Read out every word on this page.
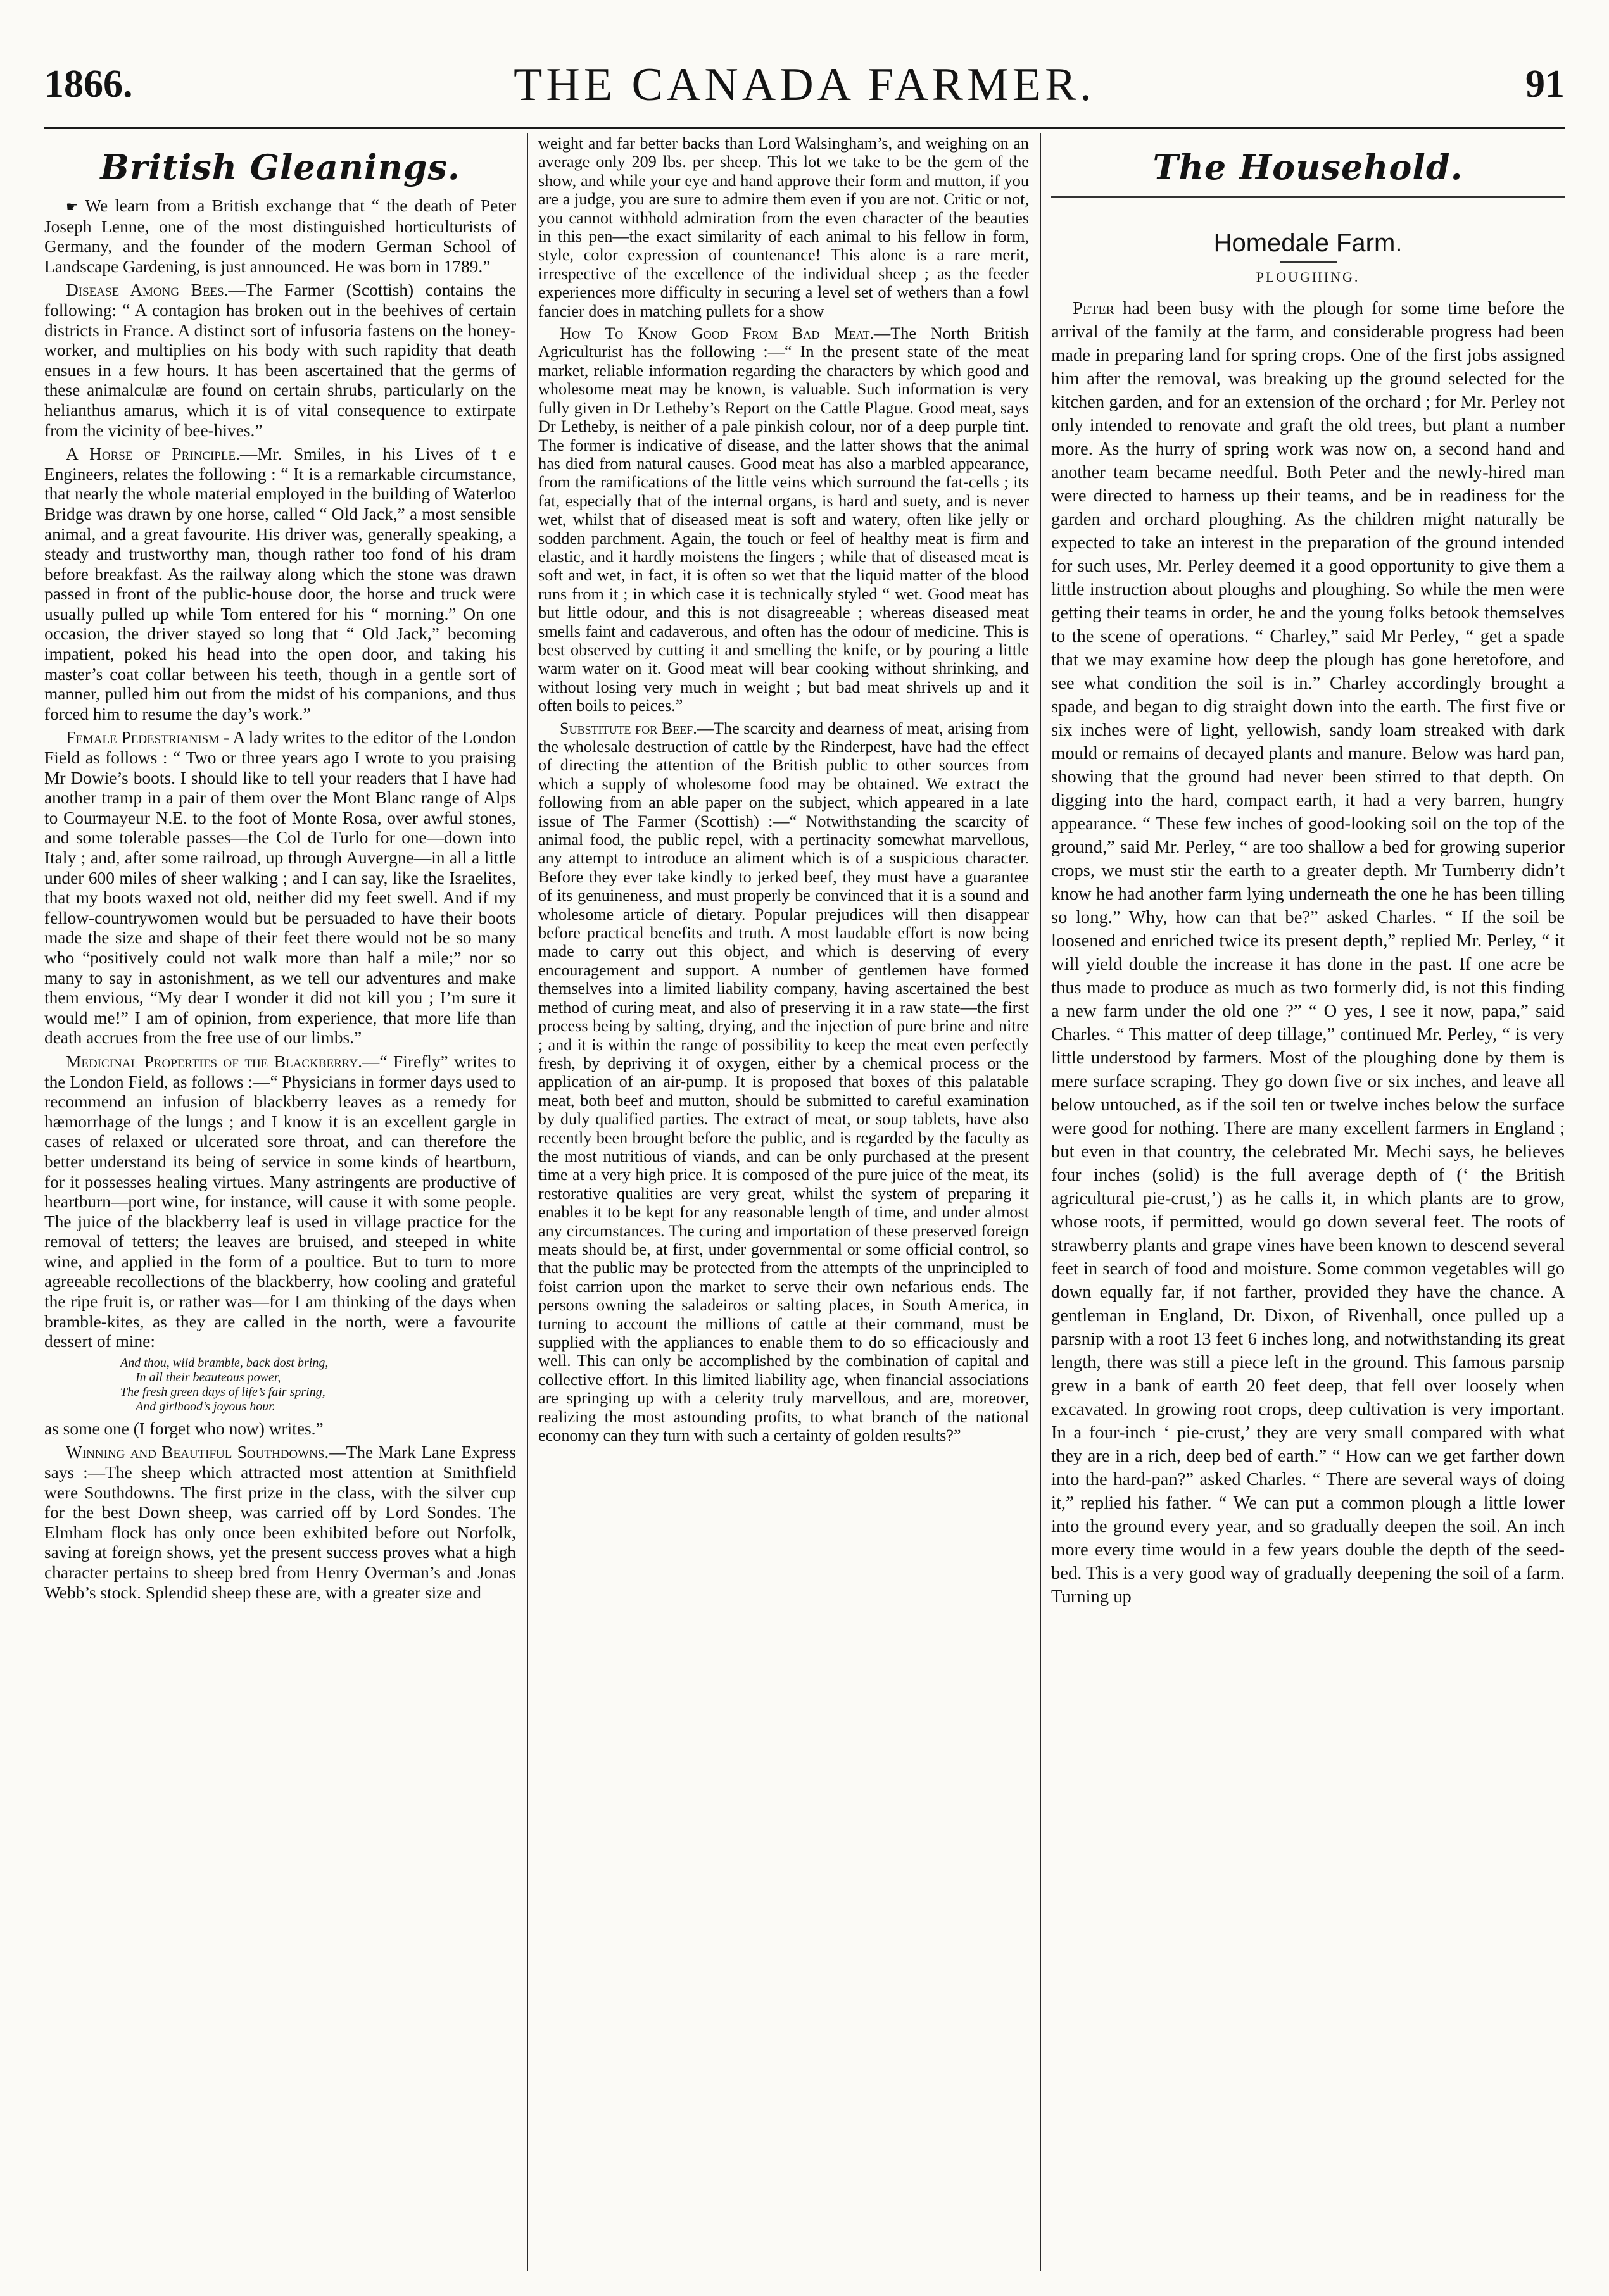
1866.	THE CANADA FARMER.	91
British Gleanings.

☛ We learn from a British exchange that “ the death of Peter Joseph Lenne, one of the most distinguished horticulturists of Germany, and the founder of the modern German School of Landscape Gardening, is just announced. He was born in 1789.”

Disease Among Bees.—The Farmer (Scottish) contains the following: “ A contagion has broken out in the beehives of certain districts in France. A distinct sort of infusoria fastens on the honey-worker, and multiplies on his body with such rapidity that death ensues in a few hours. It has been ascertained that the germs of these animalculæ are found on certain shrubs, particularly on the helianthus amarus, which it is of vital consequence to extirpate from the vicinity of bee-hives.”

A Horse of Principle.—Mr. Smiles, in his Lives of t e Engineers, relates the following : “ It is a remarkable circumstance, that nearly the whole material employed in the building of Waterloo Bridge was drawn by one horse, called “ Old Jack,” a most sensible animal, and a great favourite. His driver was, generally speaking, a steady and trustworthy man, though rather too fond of his dram before breakfast. As the railway along which the stone was drawn passed in front of the public-house door, the horse and truck were usually pulled up while Tom entered for his “ morning.” On one occasion, the driver stayed so long that “ Old Jack,” becoming impatient, poked his head into the open door, and taking his master’s coat collar between his teeth, though in a gentle sort of manner, pulled him out from the midst of his companions, and thus forced him to resume the day’s work.”

Female Pedestrianism - A lady writes to the editor of the London Field as follows : “ Two or three years ago I wrote to you praising Mr Dowie’s boots. I should like to tell your readers that I have had another tramp in a pair of them over the Mont Blanc range of Alps to Courmayeur N.E. to the foot of Monte Rosa, over awful stones, and some tolerable passes—the Col de Turlo for one—down into Italy ; and, after some railroad, up through Auvergne—in all a little under 600 miles of sheer walking ; and I can say, like the Israelites, that my boots waxed not old, neither did my feet swell. And if my fellow-countrywomen would but be persuaded to have their boots made the size and shape of their feet there would not be so many who “positively could not walk more than half a mile;” nor so many to say in astonishment, as we tell our adventures and make them envious, “My dear I wonder it did not kill you ; I’m sure it would me!” I am of opinion, from experience, that more life than death accrues from the free use of our limbs.”

Medicinal Properties of the Blackberry.—“ Firefly” writes to the London Field, as follows :—“ Physicians in former days used to recommend an infusion of blackberry leaves as a remedy for hæmorrhage of the lungs ; and I know it is an excellent gargle in cases of relaxed or ulcerated sore throat, and can therefore the better understand its being of service in some kinds of heartburn, for it possesses healing virtues. Many astringents are productive of heartburn—port wine, for instance, will cause it with some people. The juice of the blackberry leaf is used in village practice for the removal of tetters; the leaves are bruised, and steeped in white wine, and applied in the form of a poultice. But to turn to more agreeable recollections of the blackberry, how cooling and grateful the ripe fruit is, or rather was—for I am thinking of the days when bramble-kites, as they are called in the north, were a favourite dessert of mine:

And thou, wild bramble, back dost bring,
In all their beauteous power,
The fresh green days of life’s fair spring,
And girlhood’s joyous hour.

as some one (I forget who now) writes.”

Winning and Beautiful Southdowns.—The Mark Lane Express says :—The sheep which attracted most attention at Smithfield were Southdowns. The first prize in the class, with the silver cup for the best Down sheep, was carried off by Lord Sondes. The Elmham flock has only once been exhibited before out Norfolk, saving at foreign shows, yet the present success proves what a high character pertains to sheep bred from Henry Overman’s and Jonas Webb’s stock. Splendid sheep these are, with a greater size and

weight and far better backs than Lord Walsingham’s, and weighing on an average only 209 lbs. per sheep. This lot we take to be the gem of the show, and while your eye and hand approve their form and mutton, if you are a judge, you are sure to admire them even if you are not. Critic or not, you cannot withhold admiration from the even character of the beauties in this pen—the exact similarity of each animal to his fellow in form, style, color expression of countenance! This alone is a rare merit, irrespective of the excellence of the individual sheep ; as the feeder experiences more difficulty in securing a level set of wethers than a fowl fancier does in matching pullets for a show

How To Know Good From Bad Meat.—The North British Agriculturist has the following :—“ In the present state of the meat market, reliable information regarding the characters by which good and wholesome meat may be known, is valuable. Such information is very fully given in Dr Letheby’s Report on the Cattle Plague. Good meat, says Dr Letheby, is neither of a pale pinkish colour, nor of a deep purple tint. The former is indicative of disease, and the latter shows that the animal has died from natural causes. Good meat has also a marbled appearance, from the ramifications of the little veins which surround the fat-cells ; its fat, especially that of the internal organs, is hard and suety, and is never wet, whilst that of diseased meat is soft and watery, often like jelly or sodden parchment. Again, the touch or feel of healthy meat is firm and elastic, and it hardly moistens the fingers ; while that of diseased meat is soft and wet, in fact, it is often so wet that the liquid matter of the blood runs from it ; in which case it is technically styled “ wet. Good meat has but little odour, and this is not disagreeable ; whereas diseased meat smells faint and cadaverous, and often has the odour of medicine. This is best observed by cutting it and smelling the knife, or by pouring a little warm water on it. Good meat will bear cooking without shrinking, and without losing very much in weight ; but bad meat shrivels up and it often boils to peices.”

Substitute for Beef.—The scarcity and dearness of meat, arising from the wholesale destruction of cattle by the Rinderpest, have had the effect of directing the attention of the British public to other sources from which a supply of wholesome food may be obtained. We extract the following from an able paper on the subject, which appeared in a late issue of The Farmer (Scottish) :—“ Notwithstanding the scarcity of animal food, the public repel, with a pertinacity somewhat marvellous, any attempt to introduce an aliment which is of a suspicious character. Before they ever take kindly to jerked beef, they must have a guarantee of its genuineness, and must properly be convinced that it is a sound and wholesome article of dietary. Popular prejudices will then disappear before practical benefits and truth. A most laudable effort is now being made to carry out this object, and which is deserving of every encouragement and support. A number of gentlemen have formed themselves into a limited liability company, having ascertained the best method of curing meat, and also of preserving it in a raw state—the first process being by salting, drying, and the injection of pure brine and nitre ; and it is within the range of possibility to keep the meat even perfectly fresh, by depriving it of oxygen, either by a chemical process or the application of an air-pump. It is proposed that boxes of this palatable meat, both beef and mutton, should be submitted to careful examination by duly qualified parties. The extract of meat, or soup tablets, have also recently been brought before the public, and is regarded by the faculty as the most nutritious of viands, and can be only purchased at the present time at a very high price. It is composed of the pure juice of the meat, its restorative qualities are very great, whilst the system of preparing it enables it to be kept for any reasonable length of time, and under almost any circumstances. The curing and importation of these preserved foreign meats should be, at first, under governmental or some official control, so that the public may be protected from the attempts of the unprincipled to foist carrion upon the market to serve their own nefarious ends. The persons owning the saladeiros or salting places, in South America, in turning to account the millions of cattle at their command, must be supplied with the appliances to enable them to do so efficaciously and well. This can only be accomplished by the combination of capital and collective effort. In this limited liability age, when financial associations are springing up with a celerity truly marvellous, and are, moreover, realizing the most astounding profits, to what branch of the national economy can they turn with such a certainty of golden results?”

The Household.
Homedale Farm.
PLOUGHING.

Peter had been busy with the plough for some time before the arrival of the family at the farm, and considerable progress had been made in preparing land for spring crops. One of the first jobs assigned him after the removal, was breaking up the ground selected for the kitchen garden, and for an extension of the orchard ; for Mr. Perley not only intended to renovate and graft the old trees, but plant a number more. As the hurry of spring work was now on, a second hand and another team became needful. Both Peter and the newly-hired man were directed to harness up their teams, and be in readiness for the garden and orchard ploughing. As the children might naturally be expected to take an interest in the preparation of the ground intended for such uses, Mr. Perley deemed it a good opportunity to give them a little instruction about ploughs and ploughing. So while the men were getting their teams in order, he and the young folks betook themselves to the scene of operations. “ Charley,” said Mr Perley, “ get a spade that we may examine how deep the plough has gone heretofore, and see what condition the soil is in.” Charley accordingly brought a spade, and began to dig straight down into the earth. The first five or six inches were of light, yellowish, sandy loam streaked with dark mould or remains of decayed plants and manure. Below was hard pan, showing that the ground had never been stirred to that depth. On digging into the hard, compact earth, it had a very barren, hungry appearance. “ These few inches of good-looking soil on the top of the ground,” said Mr. Perley, “ are too shallow a bed for growing superior crops, we must stir the earth to a greater depth. Mr Turnberry didn’t know he had another farm lying underneath the one he has been tilling so long.” Why, how can that be?” asked Charles. “ If the soil be loosened and enriched twice its present depth,” replied Mr. Perley, “ it will yield double the increase it has done in the past. If one acre be thus made to produce as much as two formerly did, is not this finding a new farm under the old one ?” “ O yes, I see it now, papa,” said Charles. “ This matter of deep tillage,” continued Mr. Perley, “ is very little understood by farmers. Most of the ploughing done by them is mere surface scraping. They go down five or six inches, and leave all below untouched, as if the soil ten or twelve inches below the surface were good for nothing. There are many excellent farmers in England ; but even in that country, the celebrated Mr. Mechi says, he believes four inches (solid) is the full average depth of (‘ the British agricultural pie-crust,’) as he calls it, in which plants are to grow, whose roots, if permitted, would go down several feet. The roots of strawberry plants and grape vines have been known to descend several feet in search of food and moisture. Some common vegetables will go down equally far, if not farther, provided they have the chance. A gentleman in England, Dr. Dixon, of Rivenhall, once pulled up a parsnip with a root 13 feet 6 inches long, and notwithstanding its great length, there was still a piece left in the ground. This famous parsnip grew in a bank of earth 20 feet deep, that fell over loosely when excavated. In growing root crops, deep cultivation is very important. In a four-inch ‘ pie-crust,’ they are very small compared with what they are in a rich, deep bed of earth.” “ How can we get farther down into the hard-pan?” asked Charles. “ There are several ways of doing it,” replied his father. “ We can put a common plough a little lower into the ground every year, and so gradually deepen the soil. An inch more every time would in a few years double the depth of the seed-bed. This is a very good way of gradually deepening the soil of a farm. Turning up
